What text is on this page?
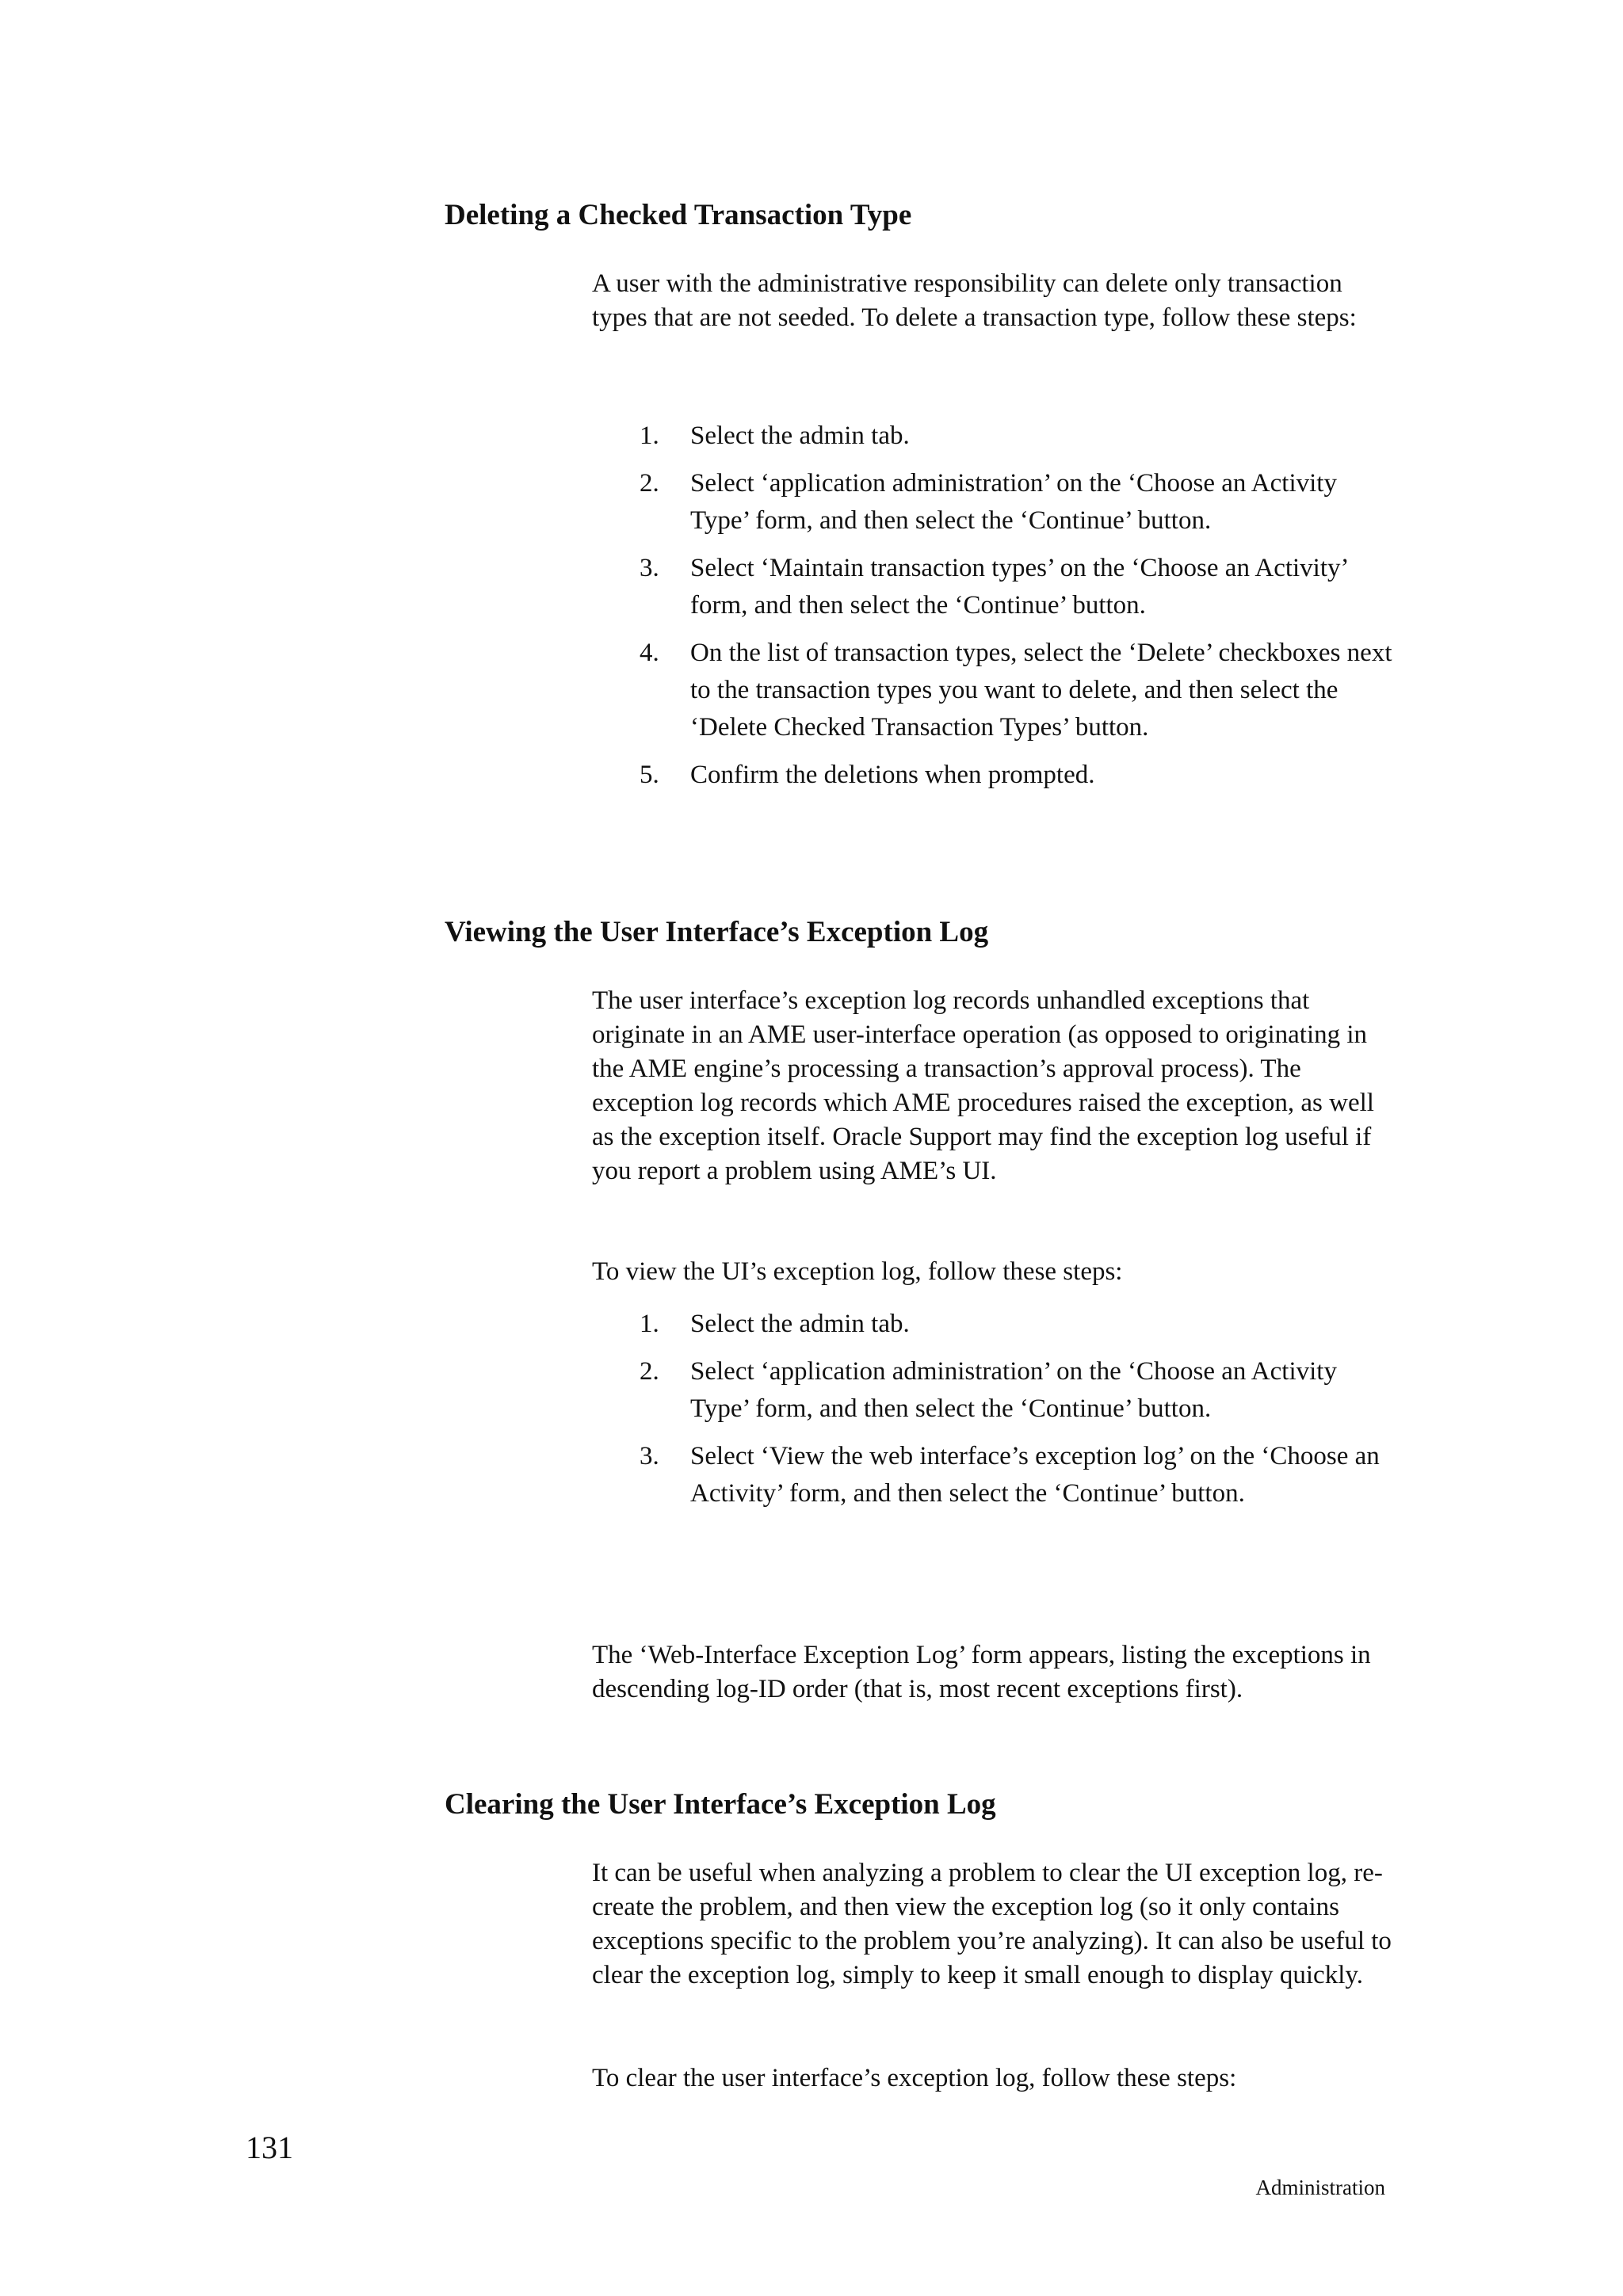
Deleting a Checked Transaction Type

A user with the administrative responsibility can delete only transaction types that are not seeded. To delete a transaction type, follow these steps:

1. Select the admin tab.
2. Select ‘application administration’ on the ‘Choose an Activity Type’ form, and then select the ‘Continue’ button.
3. Select ‘Maintain transaction types’ on the ‘Choose an Activity’ form, and then select the ‘Continue’ button.
4. On the list of transaction types, select the ‘Delete’ checkboxes next to the transaction types you want to delete, and then select the ‘Delete Checked Transaction Types’ button.
5. Confirm the deletions when prompted.
Viewing the User Interface’s Exception Log

The user interface’s exception log records unhandled exceptions that originate in an AME user-interface operation (as opposed to originating in the AME engine’s processing a transaction’s approval process). The exception log records which AME procedures raised the exception, as well as the exception itself. Oracle Support may find the exception log useful if you report a problem using AME’s UI.

To view the UI’s exception log, follow these steps:

1. Select the admin tab.
2. Select ‘application administration’ on the ‘Choose an Activity Type’ form, and then select the ‘Continue’ button.
3. Select ‘View the web interface’s exception log’ on the ‘Choose an Activity’ form, and then select the ‘Continue’ button.

The ‘Web-Interface Exception Log’ form appears, listing the exceptions in descending log-ID order (that is, most recent exceptions first).

Clearing the User Interface’s Exception Log

It can be useful when analyzing a problem to clear the UI exception log, re-create the problem, and then view the exception log (so it only contains exceptions specific to the problem you’re analyzing). It can also be useful to clear the exception log, simply to keep it small enough to display quickly.

To clear the user interface’s exception log, follow these steps:

131
Administration
